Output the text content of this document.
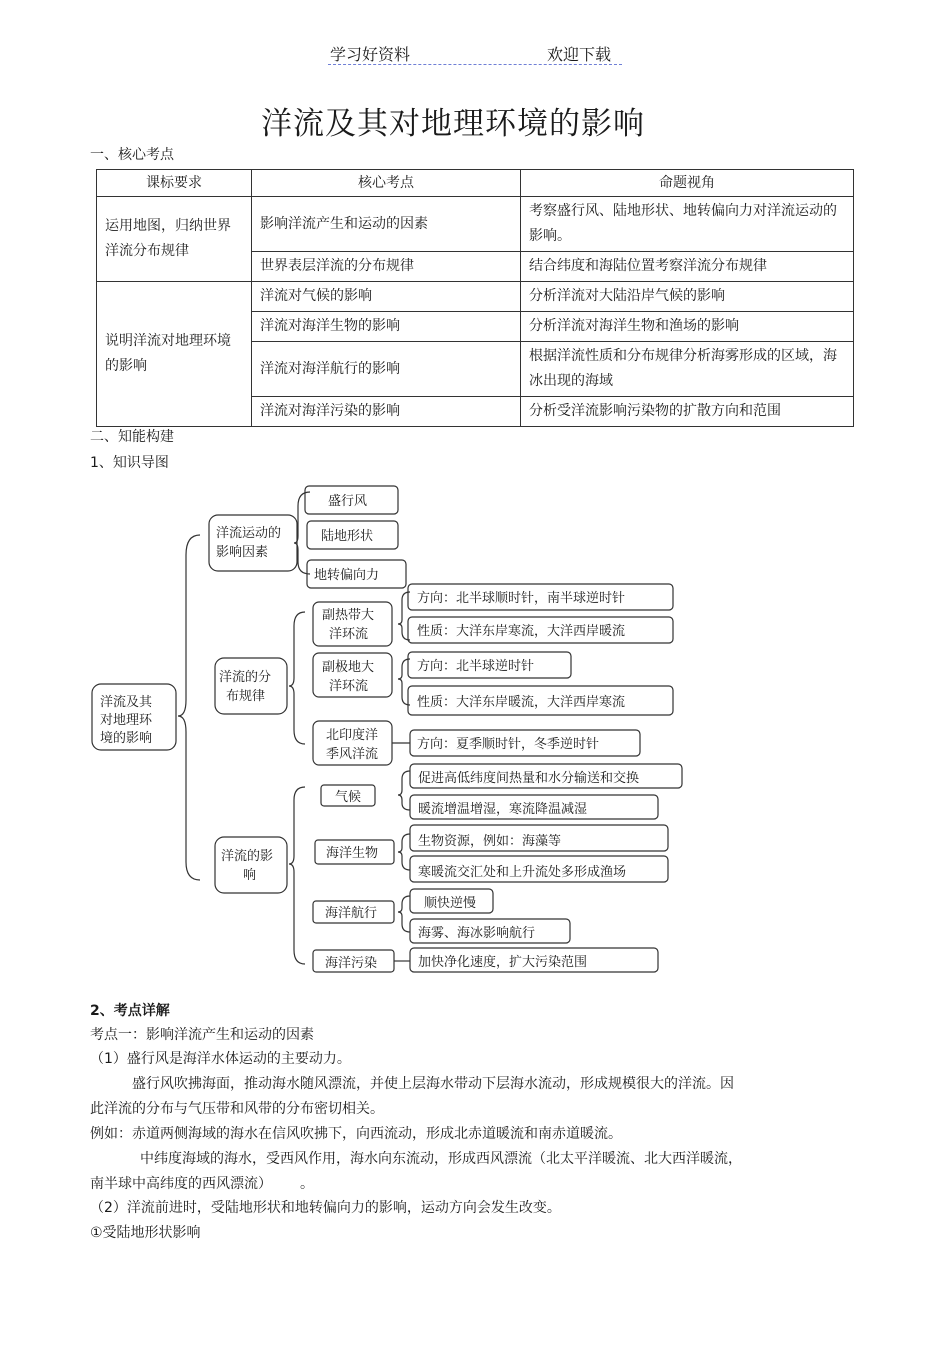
学习好资料	欢迎下载
洋流及其对地理环境的影响
一、核心考点
课标要求	核心考点	命题视角
运用地图，归纳世界洋流分布规律	影响洋流产生和运动的因素	考察盛行风、陆地形状、地转偏向力对洋流运动的影响。
	世界表层洋流的分布规律	结合纬度和海陆位置考察洋流分布规律
说明洋流对地理环境的影响	洋流对气候的影响	分析洋流对大陆沿岸气候的影响
	洋流对海洋生物的影响	分析洋流对海洋生物和渔场的影响
	洋流对海洋航行的影响	根据洋流性质和分布规律分析海雾形成的区域，海冰出现的海域
	洋流对海洋污染的影响	分析受洋流影响污染物的扩散方向和范围
二、知能构建
1、知识导图
洋流及其
对地理环
境的影响
洋流运动的
影响因素
盛行风
陆地形状
地转偏向力
洋流的分
布规律
副热带大
洋环流
方向：北半球顺时针，南半球逆时针
性质：大洋东岸寒流，大洋西岸暖流
副极地大
洋环流
方向：北半球逆时针
性质：大洋东岸暖流，大洋西岸寒流
北印度洋
季风洋流
方向：夏季顺时针，冬季逆时针
洋流的影
响
气候
促进高低纬度间热量和水分输送和交换
暖流增温增湿，寒流降温减湿
海洋生物
生物资源，例如：海藻等
寒暖流交汇处和上升流处多形成渔场
海洋航行
顺快逆慢
海雾、海冰影响航行
海洋污染	加快净化速度，扩大污染范围
2、考点详解
考点一：影响洋流产生和运动的因素
（1）盛行风是海洋水体运动的主要动力。
盛行风吹拂海面，推动海水随风漂流，并使上层海水带动下层海水流动，形成规模很大的洋流。因
此洋流的分布与气压带和风带的分布密切相关。
例如：赤道两侧海域的海水在信风吹拂下，向西流动，形成北赤道暖流和南赤道暖流。
中纬度海域的海水，受西风作用，海水向东流动，形成西风漂流（北太平洋暖流、北大西洋暖流，
南半球中高纬度的西风漂流） 。
（2）洋流前进时，受陆地形状和地转偏向力的影响，运动方向会发生改变。
①受陆地形状影响
